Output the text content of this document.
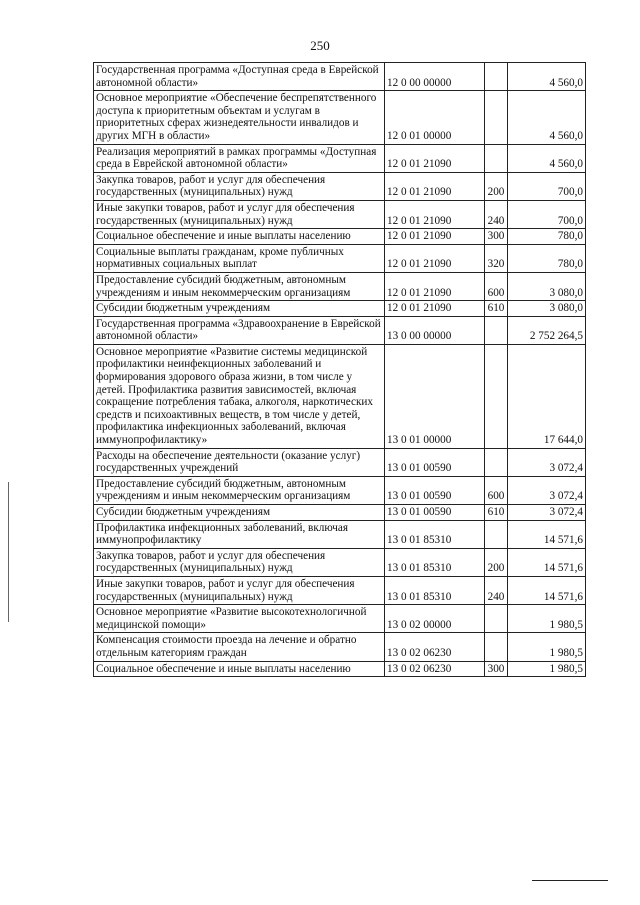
250
Государственная программа «Доступная среда в Еврейской автономной области»	12 0 00 00000		4 560,0
Основное мероприятие «Обеспечение беспрепятственного доступа к приоритетным объектам и услугам в приоритетных сферах жизнедеятельности инвалидов и других МГН в области»	12 0 01 00000		4 560,0
Реализация мероприятий в рамках программы «Доступная среда в Еврейской автономной области»	12 0 01 21090		4 560,0
Закупка товаров, работ и услуг для обеспечения государственных (муниципальных) нужд	12 0 01 21090	200	700,0
Иные закупки товаров, работ и услуг для обеспечения государственных (муниципальных) нужд	12 0 01 21090	240	700,0
Социальное обеспечение и иные выплаты населению	12 0 01 21090	300	780,0
Социальные выплаты гражданам, кроме публичных нормативных социальных выплат	12 0 01 21090	320	780,0
Предоставление субсидий бюджетным, автономным учреждениям и иным некоммерческим организациям	12 0 01 21090	600	3 080,0
Субсидии бюджетным учреждениям	12 0 01 21090	610	3 080,0
Государственная программа «Здравоохранение в Еврейской автономной области»	13 0 00 00000		2 752 264,5
Основное мероприятие «Развитие системы медицинской профилактики неинфекционных заболеваний и формирования здорового образа жизни, в том числе у детей. Профилактика развития зависимостей, включая сокращение потребления табака, алкоголя, наркотических средств и психоактивных веществ, в том числе у детей, профилактика инфекционных заболеваний, включая иммунопрофилактику»	13 0 01 00000		17 644,0
Расходы на обеспечение деятельности (оказание услуг) государственных учреждений	13 0 01 00590		3 072,4
Предоставление субсидий бюджетным, автономным учреждениям и иным некоммерческим организациям	13 0 01 00590	600	3 072,4
Субсидии бюджетным учреждениям	13 0 01 00590	610	3 072,4
Профилактика инфекционных заболеваний, включая иммунопрофилактику	13 0 01 85310		14 571,6
Закупка товаров, работ и услуг для обеспечения государственных (муниципальных) нужд	13 0 01 85310	200	14 571,6
Иные закупки товаров, работ и услуг для обеспечения государственных (муниципальных) нужд	13 0 01 85310	240	14 571,6
Основное мероприятие «Развитие высокотехнологичной медицинской помощи»	13 0 02 00000		1 980,5
Компенсация стоимости проезда на лечение и обратно отдельным категориям граждан	13 0 02 06230		1 980,5
Социальное обеспечение и иные выплаты населению	13 0 02 06230	300	1 980,5
